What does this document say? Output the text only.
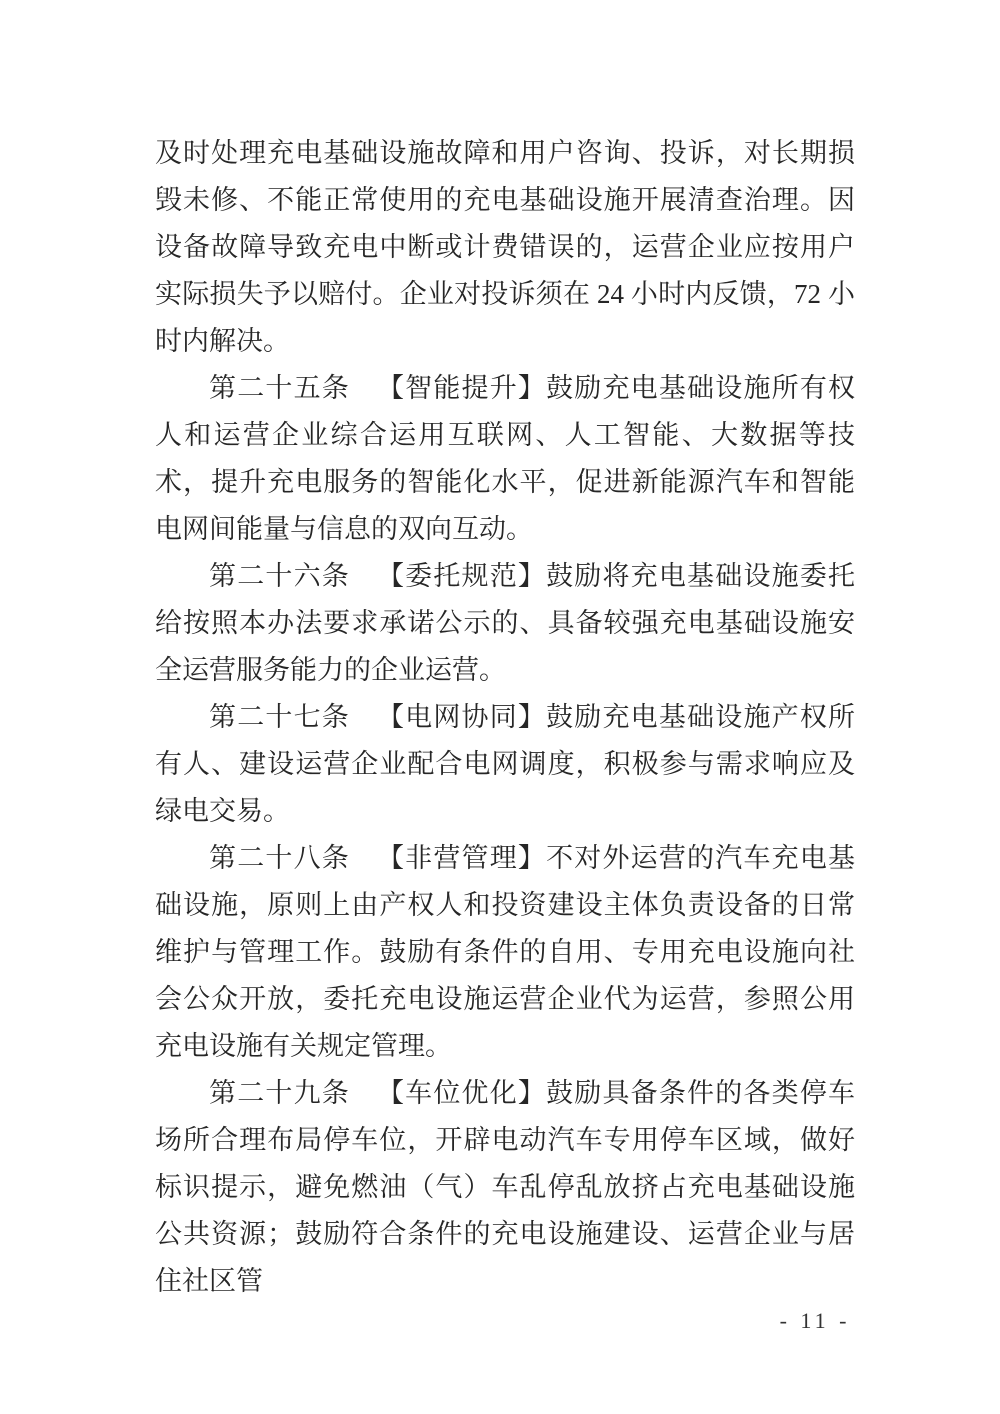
及时处理充电基础设施故障和用户咨询、投诉，对长期损毁未修、不能正常使用的充电基础设施开展清查治理。因设备故障导致充电中断或计费错误的，运营企业应按用户实际损失予以赔付。企业对投诉须在 24 小时内反馈，72 小时内解决。

第二十五条 【智能提升】鼓励充电基础设施所有权人和运营企业综合运用互联网、人工智能、大数据等技术，提升充电服务的智能化水平，促进新能源汽车和智能电网间能量与信息的双向互动。

第二十六条 【委托规范】鼓励将充电基础设施委托给按照本办法要求承诺公示的、具备较强充电基础设施安全运营服务能力的企业运营。

第二十七条 【电网协同】鼓励充电基础设施产权所有人、建设运营企业配合电网调度，积极参与需求响应及绿电交易。

第二十八条 【非营管理】不对外运营的汽车充电基础设施，原则上由产权人和投资建设主体负责设备的日常维护与管理工作。鼓励有条件的自用、专用充电设施向社会公众开放，委托充电设施运营企业代为运营，参照公用充电设施有关规定管理。

第二十九条 【车位优化】鼓励具备条件的各类停车场所合理布局停车位，开辟电动汽车专用停车区域，做好标识提示，避免燃油（气）车乱停乱放挤占充电基础设施公共资源；鼓励符合条件的充电设施建设、运营企业与居住社区管

- 11 -
